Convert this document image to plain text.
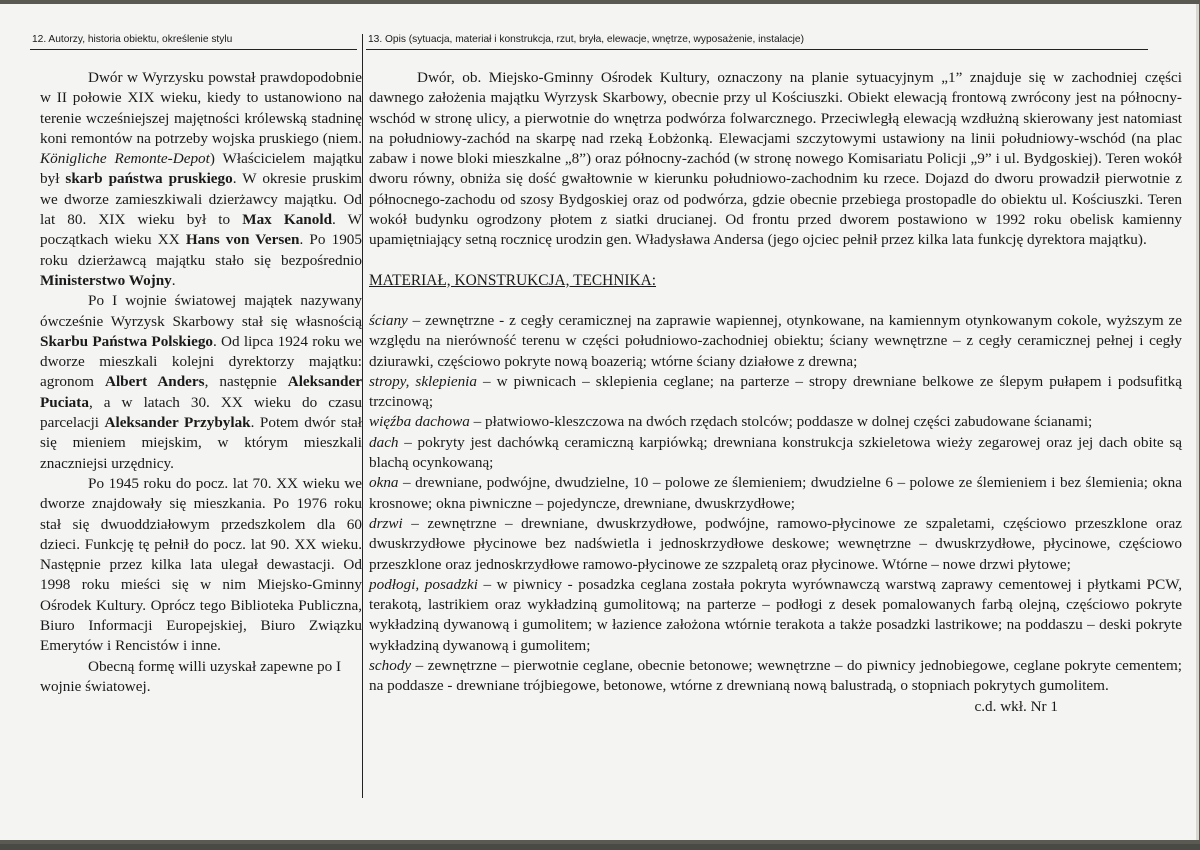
12. Autorzy, historia obiektu, określenie stylu	13. Opis (sytuacja, materiał i konstrukcja, rzut, bryła, elewacje, wnętrze, wyposażenie, instalacje)

Dwór w Wyrzysku powstał prawdopodobnie w II połowie XIX wieku, kiedy to ustanowiono na terenie wcześniejszej majętności królewską stadninę koni remontów na potrzeby wojska pruskiego (niem. Königliche Remonte-Depot) Właścicielem majątku był skarb państwa pruskiego. W okresie pruskim we dworze zamieszkiwali dzierżawcy majątku. Od lat 80. XIX wieku był to Max Kanold. W początkach wieku XX Hans von Versen. Po 1905 roku dzierżawcą majątku stało się bezpośrednio Ministerstwo Wojny.

Po I wojnie światowej majątek nazywany ówcześnie Wyrzysk Skarbowy stał się własnością Skarbu Państwa Polskiego. Od lipca 1924 roku we dworze mieszkali kolejni dyrektorzy majątku: agronom Albert Anders, następnie Aleksander Puciata, a w latach 30. XX wieku do czasu parcelacji Aleksander Przybylak. Potem dwór stał się mieniem miejskim, w którym mieszkali znaczniejsi urzędnicy.

Po 1945 roku do pocz. lat 70. XX wieku we dworze znajdowały się mieszkania. Po 1976 roku stał się dwuoddziałowym przedszkolem dla 60 dzieci. Funkcję tę pełnił do pocz. lat 90. XX wieku. Następnie przez kilka lata ulegał dewastacji. Od 1998 roku mieści się w nim Miejsko-Gminny Ośrodek Kultury. Oprócz tego Biblioteka Publiczna, Biuro Informacji Europejskiej, Biuro Związku Emerytów i Rencistów i inne.

Obecną formę willi uzyskał zapewne po I wojnie światowej.

Dwór, ob. Miejsko-Gminny Ośrodek Kultury, oznaczony na planie sytuacyjnym „1” znajduje się w zachodniej części dawnego założenia majątku Wyrzysk Skarbowy, obecnie przy ul Kościuszki. Obiekt elewacją frontową zwrócony jest na północny-wschód w stronę ulicy, a pierwotnie do wnętrza podwórza folwarcznego. Przeciwległą elewacją wzdłużną skierowany jest natomiast na południowy-zachód na skarpę nad rzeką Łobżonką. Elewacjami szczytowymi ustawiony na linii południowy-wschód (na plac zabaw i nowe bloki mieszkalne „8”) oraz północny-zachód (w stronę nowego Komisariatu Policji „9” i ul. Bydgoskiej). Teren wokół dworu równy, obniża się dość gwałtownie w kierunku południowo-zachodnim ku rzece. Dojazd do dworu prowadził pierwotnie z północnego-zachodu od szosy Bydgoskiej oraz od podwórza, gdzie obecnie przebiega prostopadle do obiektu ul. Kościuszki. Teren wokół budynku ogrodzony płotem z siatki drucianej. Od frontu przed dworem postawiono w 1992 roku obelisk kamienny upamiętniający setną rocznicę urodzin gen. Władysława Andersa (jego ojciec pełnił przez kilka lata funkcję dyrektora majątku).

MATERIAŁ, KONSTRUKCJA, TECHNIKA:

ściany – zewnętrzne - z cegły ceramicznej na zaprawie wapiennej, otynkowane, na kamiennym otynkowanym cokole, wyższym ze względu na nierówność terenu w części południowo-zachodniej obiektu; ściany wewnętrzne – z cegły ceramicznej pełnej i cegły dziurawki, częściowo pokryte nową boazerią; wtórne ściany działowe z drewna;

stropy, sklepienia – w piwnicach – sklepienia ceglane; na parterze – stropy drewniane belkowe ze ślepym pułapem i podsufitką trzcinową;

więźba dachowa – płatwiowo-kleszczowa na dwóch rzędach stolców; poddasze w dolnej części zabudowane ścianami;

dach – pokryty jest dachówką ceramiczną karpiówką; drewniana konstrukcja szkieletowa wieży zegarowej oraz jej dach obite są blachą ocynkowaną;

okna – drewniane, podwójne, dwudzielne, 10 – polowe ze ślemieniem; dwudzielne 6 – polowe ze ślemieniem i bez ślemienia; okna krosnowe; okna piwniczne – pojedyncze, drewniane, dwuskrzydłowe;

drzwi – zewnętrzne – drewniane, dwuskrzydłowe, podwójne, ramowo-płycinowe ze szpaletami, częściowo przeszklone oraz dwuskrzydłowe płycinowe bez nadświetla i jednoskrzydłowe deskowe; wewnętrzne – dwuskrzydłowe, płycinowe, częściowo przeszklone oraz jednoskrzydłowe ramowo-płycinowe ze szzpaletą oraz płycinowe. Wtórne – nowe drzwi płytowe;

podłogi, posadzki – w piwnicy - posadzka ceglana została pokryta wyrównawczą warstwą zaprawy cementowej i płytkami PCW, terakotą, lastrikiem oraz wykładziną gumolitową; na parterze – podłogi z desek pomalowanych farbą olejną, częściowo pokryte wykładziną dywanową i gumolitem; w łazience założona wtórnie terakota a także posadzki lastrikowe; na poddaszu – deski pokryte wykładziną dywanową i gumolitem;

schody – zewnętrzne – pierwotnie ceglane, obecnie betonowe; wewnętrzne – do piwnicy jednobiegowe, ceglane pokryte cementem; na poddasze - drewniane trójbiegowe, betonowe, wtórne z drewnianą nową balustradą, o stopniach pokrytych gumolitem.
c.d. wkł. Nr 1
